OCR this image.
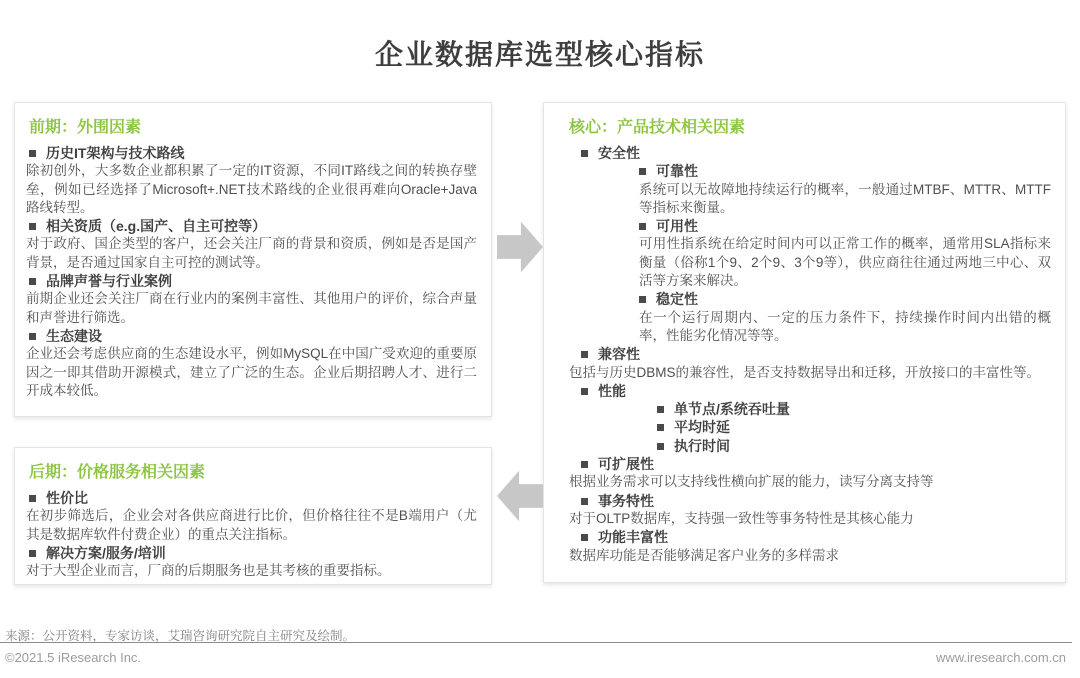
企业数据库选型核心指标
前期：外围因素
历史IT架构与技术路线

除初创外，大多数企业都积累了一定的IT资源，不同IT路线之间的转换存壁垒，例如已经选择了Microsoft+.NET技术路线的企业很再难向Oracle+Java路线转型。

相关资质（e.g.国产、自主可控等）

对于政府、国企类型的客户，还会关注厂商的背景和资质，例如是否是国产背景，是否通过国家自主可控的测试等。

品牌声誉与行业案例

前期企业还会关注厂商在行业内的案例丰富性、其他用户的评价，综合声量和声誉进行筛选。

生态建设

企业还会考虑供应商的生态建设水平，例如MySQL在中国广受欢迎的重要原因之一即其借助开源模式，建立了广泛的生态。企业后期招聘人才、进行二开成本较低。

后期：价格服务相关因素
性价比

在初步筛选后，企业会对各供应商进行比价，但价格往往不是B端用户（尤其是数据库软件付费企业）的重点关注指标。

解决方案/服务/培训

对于大型企业而言，厂商的后期服务也是其考核的重要指标。

核心：产品技术相关因素
安全性
可靠性

系统可以无故障地持续运行的概率，一般通过MTBF、MTTR、MTTF等指标来衡量。

可用性

可用性指系统在给定时间内可以正常工作的概率，通常用SLA指标来衡量（俗称1个9、2个9、3个9等），供应商往往通过两地三中心、双活等方案来解决。

稳定性

在一个运行周期内、一定的压力条件下，持续操作时间内出错的概率，性能劣化情况等等。

兼容性

包括与历史DBMS的兼容性，是否支持数据导出和迁移，开放接口的丰富性等。

性能
单节点/系统吞吐量
平均时延
执行时间
可扩展性

根据业务需求可以支持线性横向扩展的能力，读写分离支持等

事务特性

对于OLTP数据库，支持强一致性等事务特性是其核心能力

功能丰富性

数据库功能是否能够满足客户业务的多样需求

来源：公开资料，专家访谈，艾瑞咨询研究院自主研究及绘制。
©2021.5 iResearch Inc.	www.iresearch.com.cn
